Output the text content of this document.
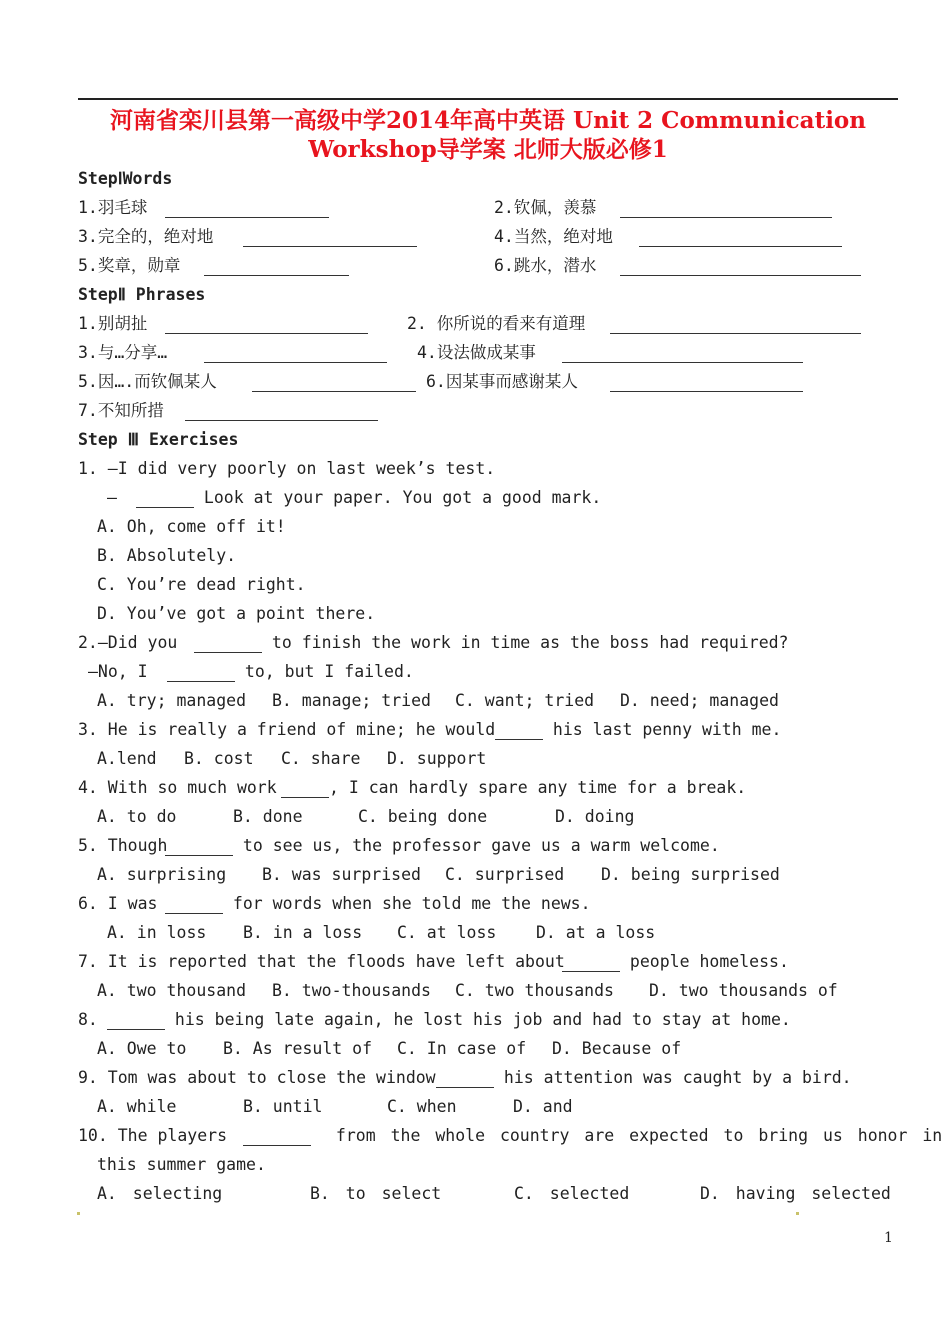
河南省栾川县第一高级中学2014年高中英语 Unit 2 Communication
Workshop导学案 北师大版必修1
StepⅠWords

1.羽毛球

	2.钦佩，羡慕

3.完全的，绝对地

	4.当然，绝对地

5.奖章，勋章

	6.跳水，潜水

StepⅡ Phrases

1.别胡扯

	2. 你所说的看来有道理

3.与…分享…

	4.设法做成某事

5.因….而钦佩某人

	6.因某事而感谢某人

7.不知所措

Step Ⅲ Exercises
1. —I did very poorly on last week’s test.

—

	Look at your paper. You got a good mark.

A. Oh, come off it!
B. Absolutely.
C. You’re dead right.
D. You’ve got a point there.

2.—Did you

	to finish the work in time as the boss had required?

—No, I

	to, but I failed.

A. try; managed B. manage; tried

C. want; tried D. need; managed

3. He is really a friend of mine; he would

his last penny with me.

A.lend B. cost

C. share D. support

4. With so much work

	, I can hardly spare any time for a break.

A. to do	B. done

	C. being done	D. doing

5. Though

	to see us, the professor gave us a warm welcome.

A. surprising B. was surprised

C. surprised D. being surprised

6. I was

	for words when she told me the news.

A. in loss B. in a loss

C. at loss D. at a loss

7. It is reported that the floods have left about

	people homeless.

A. two thousand B. two-thousands

C. two thousands D. two thousands of

8.

	his being late again, he lost his job and had to stay at home.

A. Owe to B. As result of

C. In case of D. Because of

9. Tom was about to close the window

	his attention was caught by a bird.

A. while	B. until

	C. when	D. and

10. The players

	from the whole country are expected to bring us honor in

this summer game.

A. selecting	B. to select

	C. selected	D. having selected

1
